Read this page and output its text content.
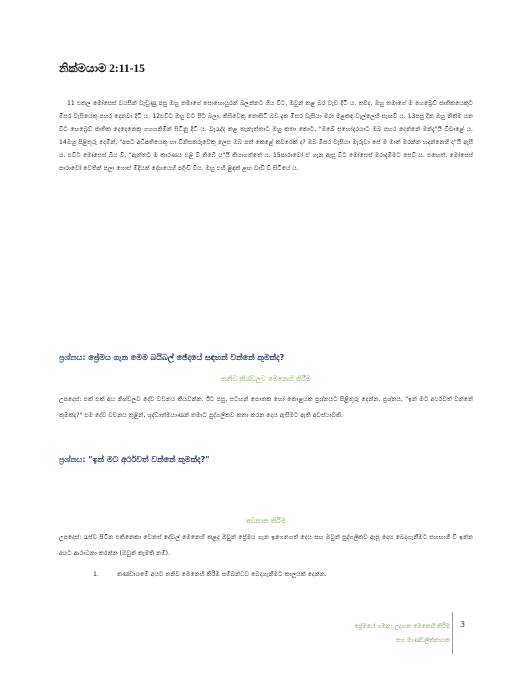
නික්මයාම 2:11-15
11 එකල මෝසෙස් වයසින් වැඩුණු පසු ඔහු තමාගේ සොහොයුරන් බලන්නට ගිය විට, ඔවුන් කළ බර වැඩ දිටි ය. තවද, ඔහු තමාගේ ම හෙබ්‍රෙව් ජාතිකයෙකුට මිසර වැසියෙකු පහර දෙනවා දිටි ය. 12එවිට ඔහු වට පිට බලා, කිසිවෙකු නොසිටි බව දැක මිසර වැසියා මරා මළකඳ වැල්ලෙහි සැඟවී ය. 13පසු දින ඔහු නික්ම යන විට හෙබ්‍රෙව් ජාතික දෙදෙනෙකු ගහගනිමින් සිටිනු දිටි ය. වැරැද්ද කළ තැනැත්තාට ඔහු කතා කොට, "ඔබේ සහෝදරයාට ඔබ පහර දෙන්නේ මන්දැ"යි විචාළේ ය. 14ඔහු පිළිතුරු දෙමින්, "අපට අධිපතියෙකු හා විනිසකරුවෙකු ලෙස ඔබ පත් කෙළේ කවරෙක් ද? ඔබ මිසර වැසියා මැරූවා සේ ම මාත් මරන්න හදන්නෙහි ද"යි ඇසී ය. එවිට මෝසෙස් බිය වී, "ඇත්තට ම කාරණය එළි වී තිබේ ය"යි කියාගත්තේ ය. 15පාරාවෝ ඒ ගැන ඇසූ විට මෝසෙස් මරාදැමීමට සෙවී ය. එහෙත්, මෝසෙස් පාරාවෝ වෙතින් පලා ගොස් මිදියන් දේශයෙහි පදිංචි විය. ඔහු එහි ළිඳක් ළඟ වාඩි වී සිටියේ ය.
ප්‍රශ්නය: ප්‍රේමය ගැන මෙම බයිබල් ඡේදයේ සඳහන් වන්නේ කුමක්ද?
තනිව නිශ්චලව මෙනෙහි කිරීම
උපදෙස්: එක් එක් අය නිශ්චලව දේව වචනය කියවන්න. ඊට පසු, සටහන් පොතක හෝ කොළයක ප්‍රශ්නයට පිළිතුරු දෙන්න. ප්‍රශ්නය, "ඉන් මට අර්ථවත් වන්නේ කුමක්ද?" එම දේව වචනය තුළින්, ශුද්ධාත්මයාණන් තමාට පුද්ගලිකව කතා කරන දෙය ඇසීමට ඇති අවස්ථාවකි.
ප්‍රශ්නය: "ඉන් මට අර්ථවත් වන්නේ කුමක්ද?"
අවසාන කිරීම
උපදෙස්: රැස්ව සිටින එකිනෙකා වෙනස් දේවල් මෙනෙහි කළද ඔවුන් ප්‍රේමය ගැන ඉගෙනගත් දෙය සහ ඔවුන් පුද්ගලිකව ඇසූ දෙය බෙදාගැනීමට සහභාගී වී ඉන්න අයට ආරාධනා කරන්න (ඔවුන් කැමති නම්).
1.	කණ්ඩායමේ අයට තනිව මෙනෙහි කිරීම සම්බන්ධව බෙදාගැනීමට කාලයක් දෙන්න.
ප්‍රේමයේ ගමන: උදාහන මෙනෙහි කිරීම
සහ මාණ්ඩලික්නායක
3
